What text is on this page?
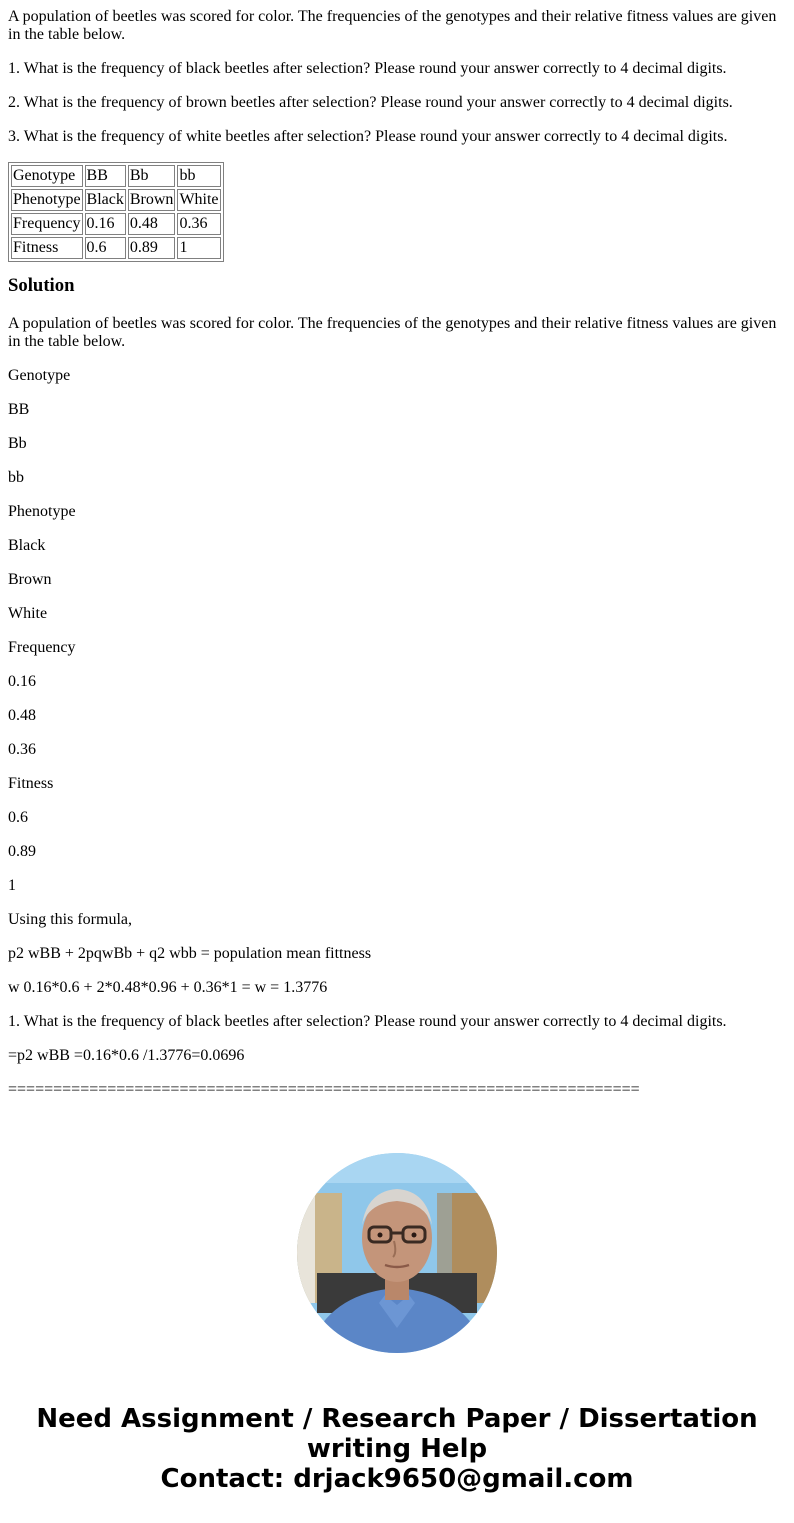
A population of beetles was scored for color. The frequencies of the genotypes and their relative fitness values are given in the table below.

1. What is the frequency of black beetles after selection? Please round your answer correctly to 4 decimal digits.

2. What is the frequency of brown beetles after selection? Please round your answer correctly to 4 decimal digits.

3. What is the frequency of white beetles after selection? Please round your answer correctly to 4 decimal digits.

Genotype	BB	Bb	bb
Phenotype	Black	Brown	White
Frequency	0.16	0.48	0.36
Fitness	0.6	0.89	1
Solution

A population of beetles was scored for color. The frequencies of the genotypes and their relative fitness values are given in the table below.

Genotype

BB

Bb

bb

Phenotype

Black

Brown

White

Frequency

0.16

0.48

0.36

Fitness

0.6

0.89

1

Using this formula,

p2 wBB + 2pqwBb + q2 wbb = population mean fittness

w 0.16*0.6 + 2*0.48*0.96 + 0.36*1 = w = 1.3776

1. What is the frequency of black beetles after selection? Please round your answer correctly to 4 decimal digits.

=p2 wBB =0.16*0.6 /1.3776=0.0696

======================================================================

Need Assignment / Research Paper / Dissertation
writing Help
Contact: drjack9650@gmail.com
